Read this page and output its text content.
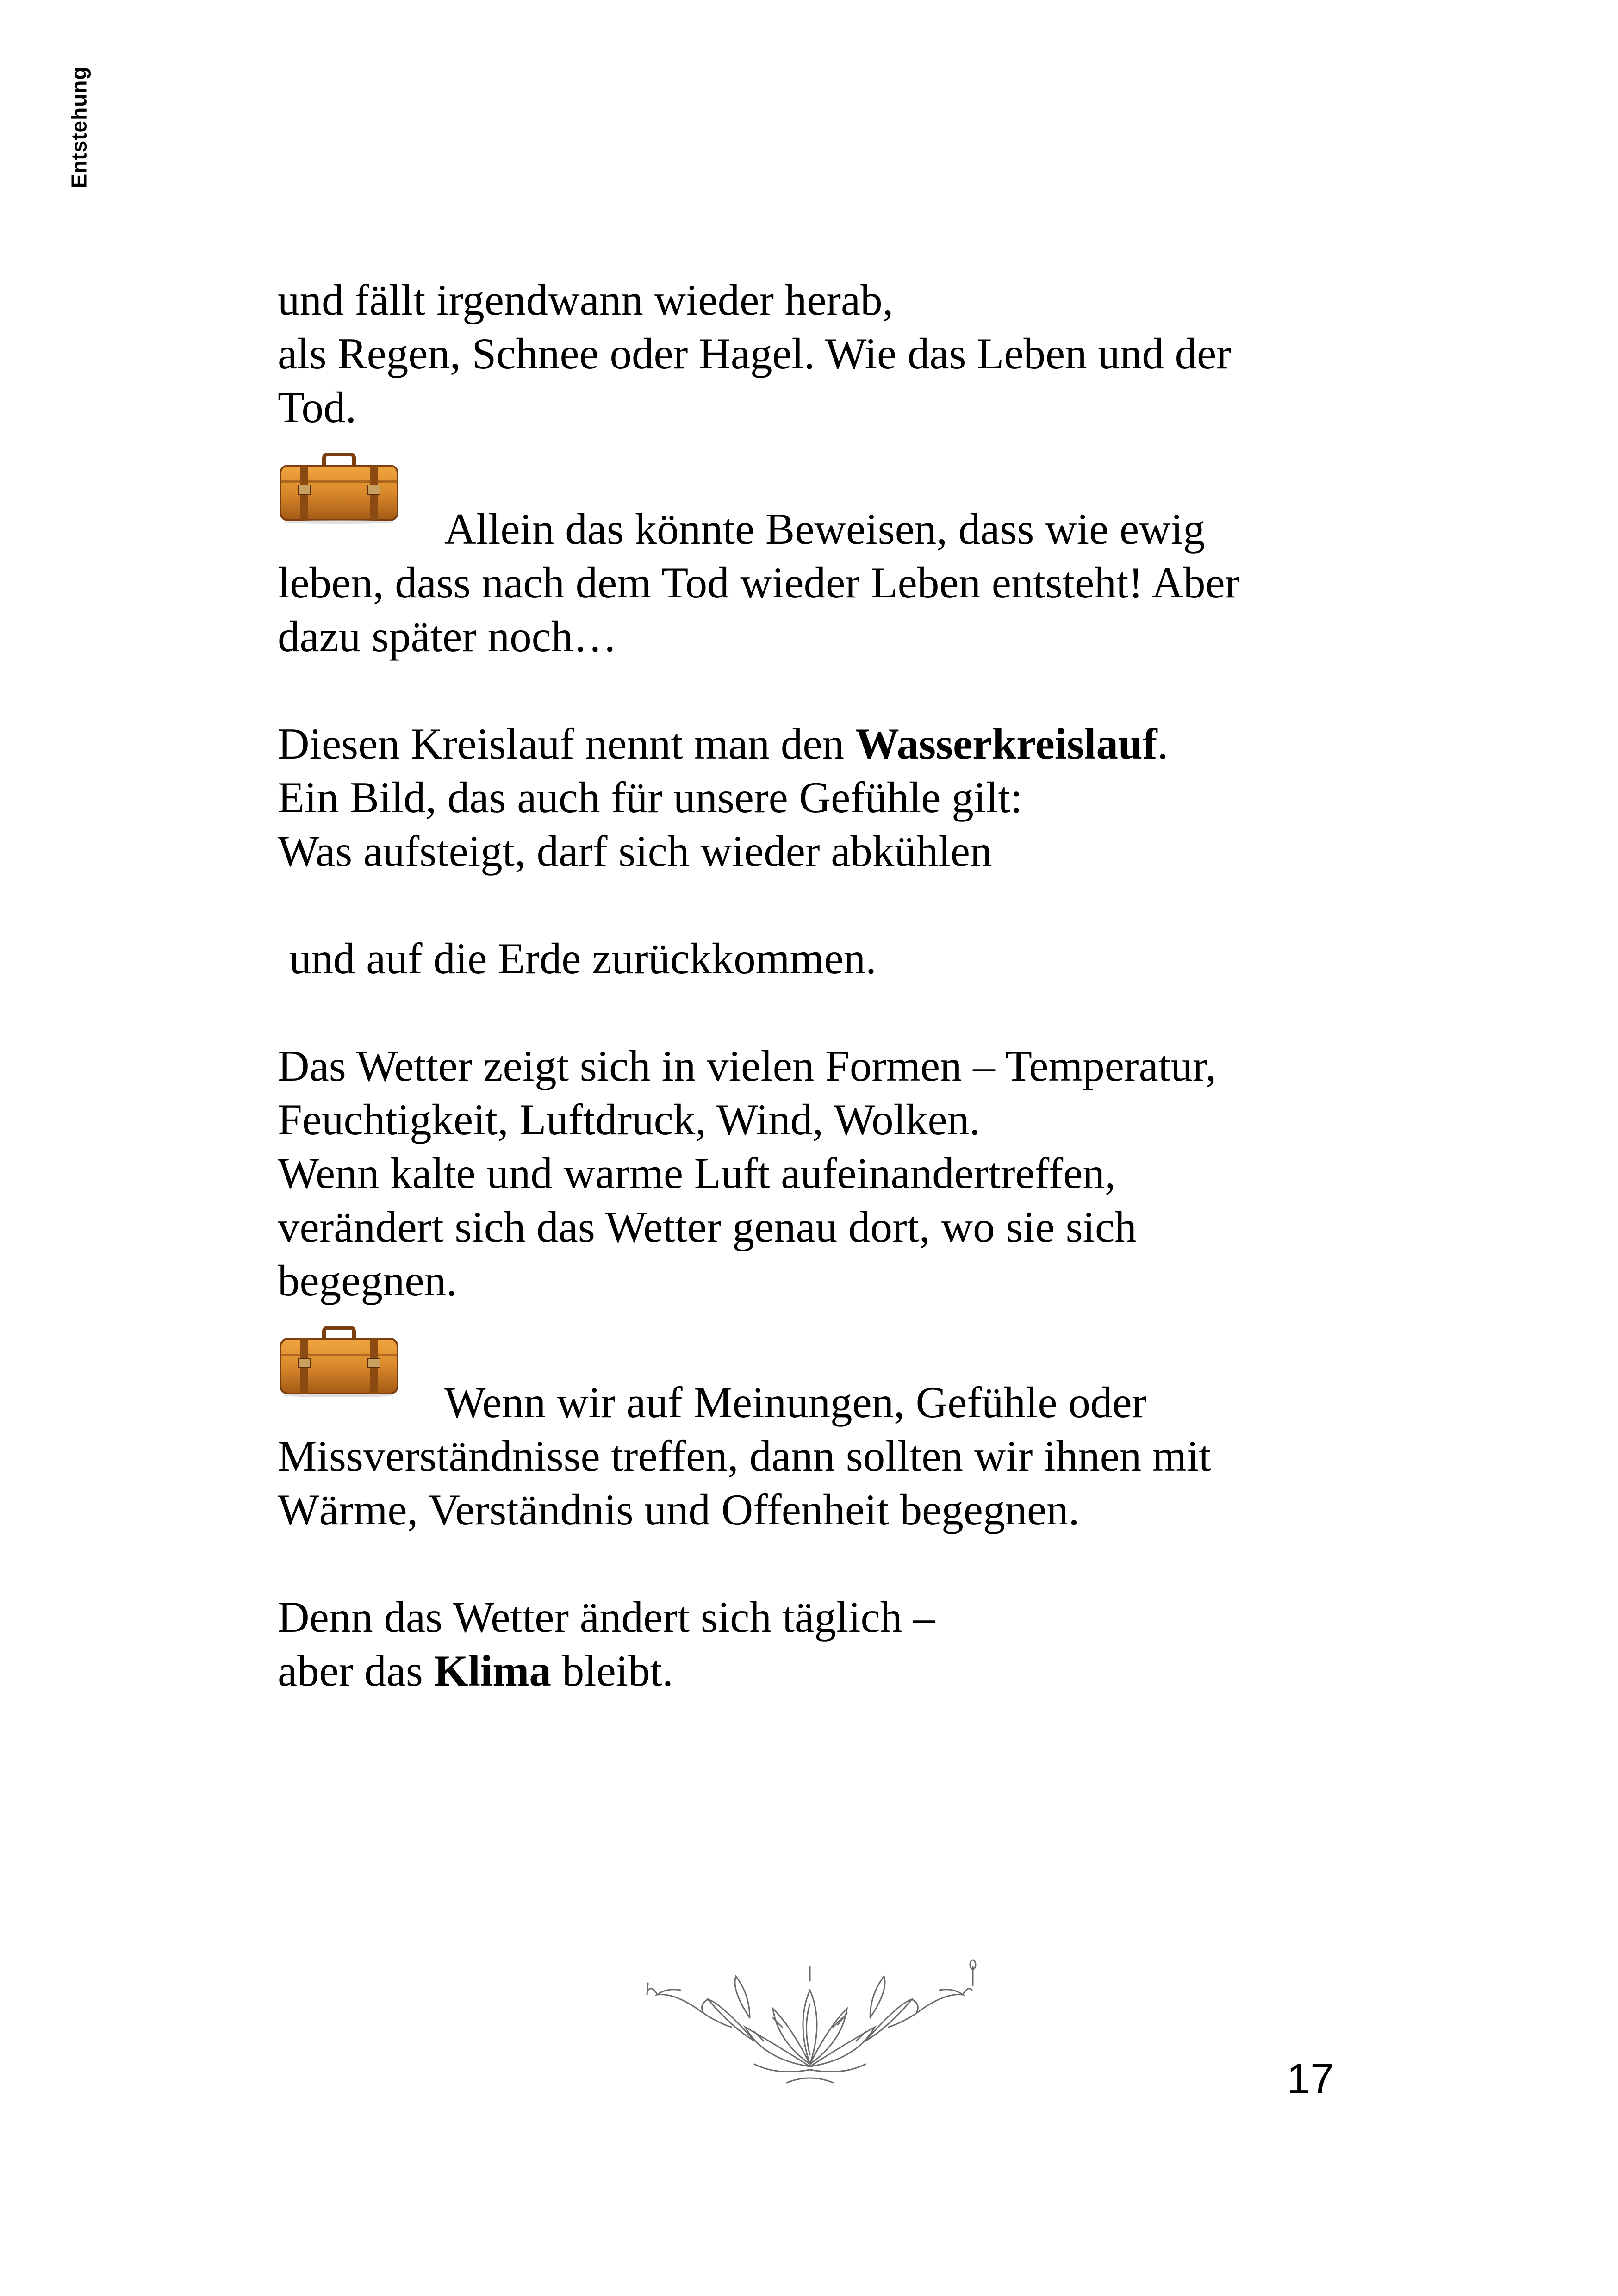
Entstehung

und fällt irgendwann wieder herab,

als Regen, Schnee oder Hagel. Wie das Leben und der

Tod.

Allein das könnte Beweisen, dass wie ewig

leben, dass nach dem Tod wieder Leben entsteht! Aber

dazu später noch…

Diesen Kreislauf nennt man den Wasserkreislauf.

Ein Bild, das auch für unsere Gefühle gilt:

Was aufsteigt, darf sich wieder abkühlen

und auf die Erde zurückkommen.

Das Wetter zeigt sich in vielen Formen – Temperatur,

Feuchtigkeit, Luftdruck, Wind, Wolken.

Wenn kalte und warme Luft aufeinandertreffen,

verändert sich das Wetter genau dort, wo sie sich

begegnen.

Wenn wir auf Meinungen, Gefühle oder

Missverständnisse treffen, dann sollten wir ihnen mit

Wärme, Verständnis und Offenheit begegnen.

Denn das Wetter ändert sich täglich –

aber das Klima bleibt.

17
